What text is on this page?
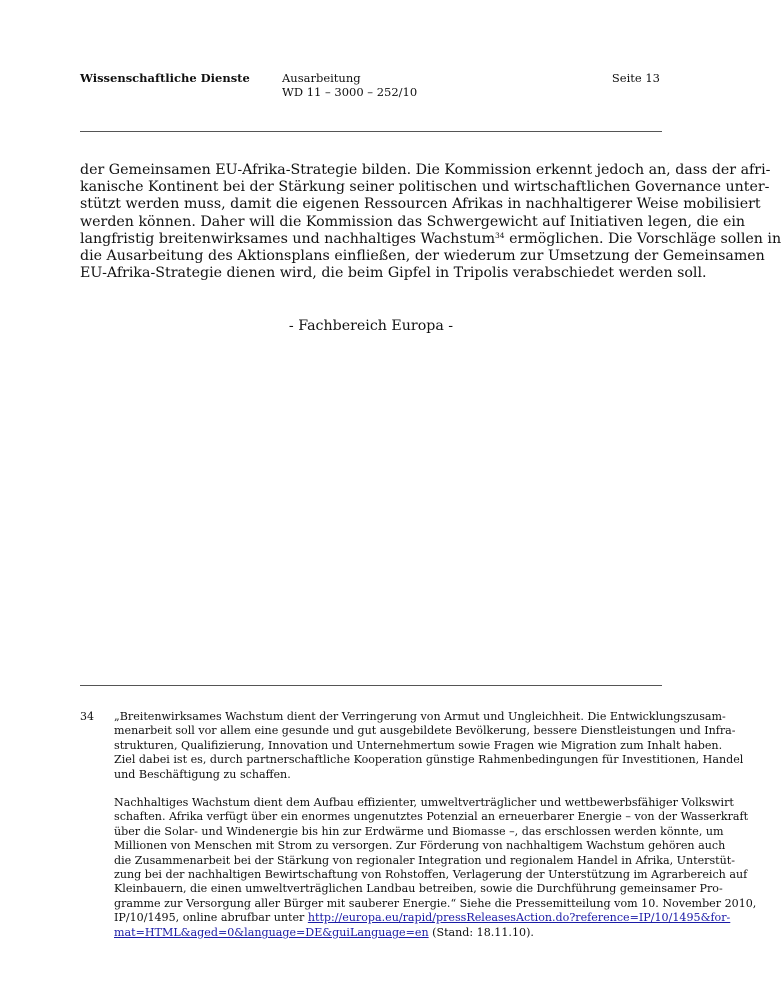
Wissenschaftliche Dienste	Ausarbeitung
WD 11 – 3000 – 252/10
Seite 13
der Gemeinsamen EU-Afrika-Strategie bilden. Die Kommission erkennt jedoch an, dass der afri-
kanische Kontinent bei der Stärkung seiner politischen und wirtschaftlichen Governance unter-
stützt werden muss, damit die eigenen Ressourcen Afrikas in nachhaltigerer Weise mobilisiert
werden können. Daher will die Kommission das Schwergewicht auf Initiativen legen, die ein
langfristig breitenwirksames und nachhaltiges Wachstum$^{34}$ ermöglichen. Die Vorschläge sollen in
die Ausarbeitung des Aktionsplans einfließen, der wiederum zur Umsetzung der Gemeinsamen
EU-Afrika-Strategie dienen wird, die beim Gipfel in Tripolis verabschiedet werden soll.
- Fachbereich Europa -
34 „Breitenwirksames Wachstum dient der Verringerung von Armut und Ungleichheit. Die Entwicklungszusam-
menarbeit soll vor allem eine gesunde und gut ausgebildete Bevölkerung, bessere Dienstleistungen und Infra-
strukturen, Qualifizierung, Innovation und Unternehmertum sowie Fragen wie Migration zum Inhalt haben.
Ziel dabei ist es, durch partnerschaftliche Kooperation günstige Rahmenbedingungen für Investitionen, Handel
und Beschäftigung zu schaffen.
Nachhaltiges Wachstum dient dem Aufbau effizienter, umweltverträglicher und wettbewerbsfähiger Volkswirt
schaften. Afrika verfügt über ein enormes ungenutztes Potenzial an erneuerbarer Energie – von der Wasserkraft
über die Solar- und Windenergie bis hin zur Erdwärme und Biomasse –, das erschlossen werden könnte, um
Millionen von Menschen mit Strom zu versorgen. Zur Förderung von nachhaltigem Wachstum gehören auch
die Zusammenarbeit bei der Stärkung von regionaler Integration und regionalem Handel in Afrika, Unterstüt-
zung bei der nachhaltigen Bewirtschaftung von Rohstoffen, Verlagerung der Unterstützung im Agrarbereich auf
Kleinbauern, die einen umweltverträglichen Landbau betreiben, sowie die Durchführung gemeinsamer Pro-
gramme zur Versorgung aller Bürger mit sauberer Energie.“ Siehe die Pressemitteilung vom 10. November 2010,
IP/10/1495, online abrufbar unter http://europa.eu/rapid/pressReleasesAction.do?reference=IP/10/1495&for-
mat=HTML&aged=0&language=DE&guiLanguage=en (Stand: 18.11.10).
